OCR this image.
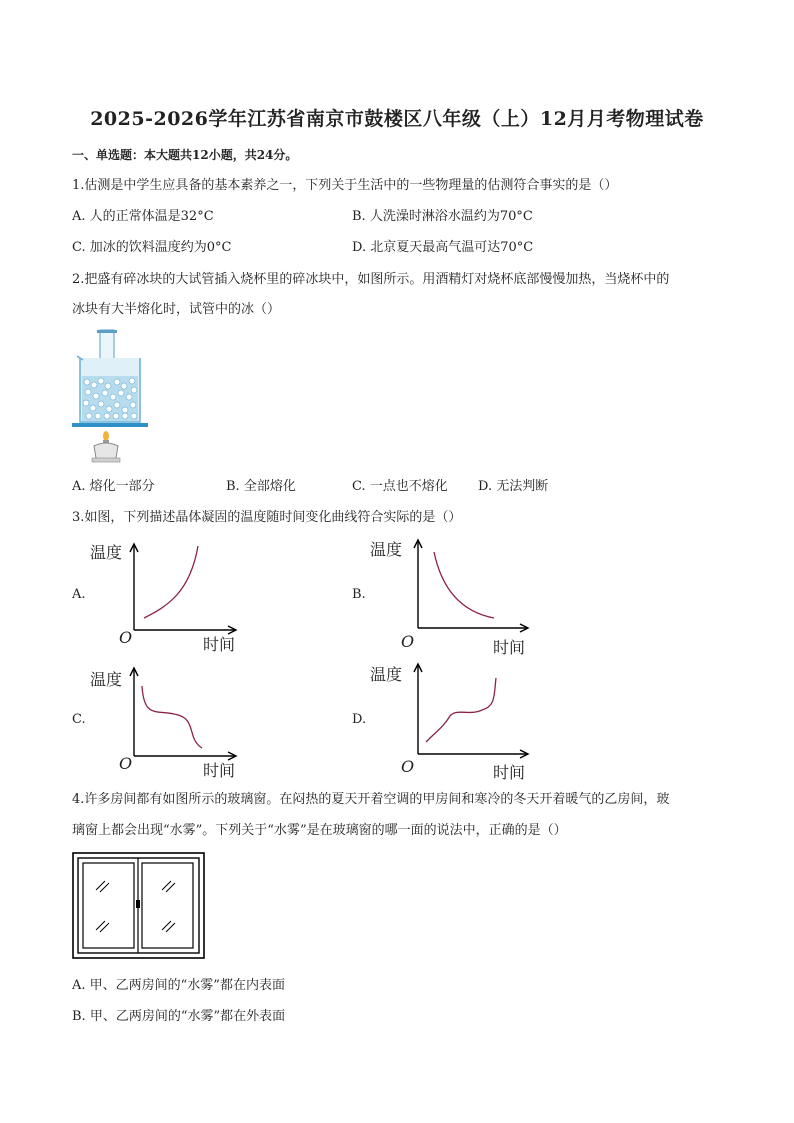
2025-2026学年江苏省南京市鼓楼区八年级（上）12月月考物理试卷
一、单选题：本大题共12小题，共24分。
1.估测是中学生应具备的基本素养之一，下列关于生活中的一些物理量的估测符合事实的是（）
A. 人的正常体温是32°C	B. 人洗澡时淋浴水温约为70°C
C. 加冰的饮料温度约为0°C	D. 北京夏天最高气温可达70°C
2.把盛有碎冰块的大试管插入烧杯里的碎冰块中，如图所示。用酒精灯对烧杯底部慢慢加热，当烧杯中的
冰块有大半熔化时，试管中的冰（）
A. 熔化一部分	B. 全部熔化	C. 一点也不熔化 D. 无法判断
3.如图，下列描述晶体凝固的温度随时间变化曲线符合实际的是（）
A.
温度
O	时间
B.
温度
O	时间
C.
温度
O	时间
D.
温度
O	时间
4.许多房间都有如图所示的玻璃窗。在闷热的夏天开着空调的甲房间和寒冷的冬天开着暖气的乙房间，玻
璃窗上都会出现“水雾”。下列关于“水雾”是在玻璃窗的哪一面的说法中，正确的是（）
A. 甲、乙两房间的“水雾”都在内表面
B. 甲、乙两房间的“水雾”都在外表面
